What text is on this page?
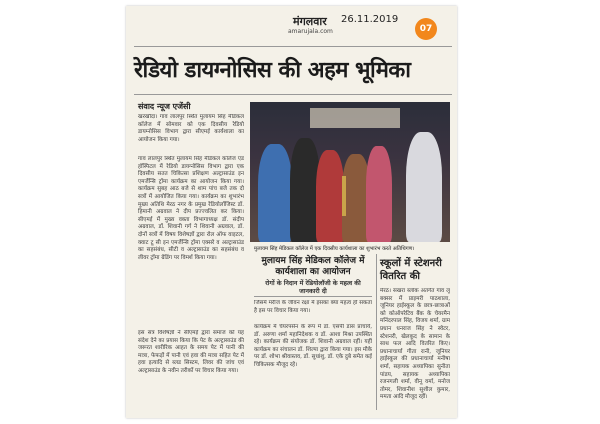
मंगलवार 26.11.2019
amarujala.com	07
रेडियो डायग्नोसिस की अहम भूमिका
संवाद न्यूज एजेंसी
खरखौदा। गांव लालपुर स्थित मुलायम सिंह मेडिकल कॉलेज में सोमवार को एक दिवसीय रेडियो डायग्नोसिस विभाग द्वारा सीएमई कार्यशाला का आयोजन किया गया।
गांव लालपुर स्थित मुलायम सिंह मेडिकल कॉलेज एंड हॉस्पिटल में रेडियो डायग्नोसिस विभाग द्वारा एक दिवसीय सतत चिकित्सा प्रशिक्षण अल्ट्रासाउंड इन एमर्जेन्सि ट्रॉमा कार्यक्रम का आयोजन किया गया। कार्यक्रम सुबह आठ बजे से शाम पांच बजे तक दो सत्रों में आयोजित किया गया। कार्यक्रम का शुभारंभ मुख्य अतिथि मेरठ नगर के प्रमुख रेडियोलॉजिस्ट डॉ. हिमानी अग्रवाल ने दीप प्रज्ज्वलित कर किया। सीएमई में मुख्य वक्ता विभागाध्यक्ष डॉ. संदीप अग्रवाल, डॉ. शिवानी गर्ग ने शिवानी अग्रवाल, डॉ. दोनों सत्रों में विषय विशेषज्ञों द्वारा रोल ऑफ वाइटल, क्वाट टू सी इन एमर्जेन्सि ट्रॉमा एक्सरे व अल्ट्रासाउंड का सहसंबंध, सीटी व अल्ट्रासाउंड का सहसंबंध व लीवर ट्रॉमा ग्रेडिंग पर विमर्श किया गया।
इस सत्र विशेषज्ञों ने सीएमई द्वारा समाज को यह संदेश देने का प्रयास किया कि पेट के अल्ट्रासाउंड की जरूरत शारीरिक आहत के समय पेट में पानी की मात्रा, फेफड़ों में पानी एवं हवा की मात्रा सहित पेट में हवा इत्यादि से ब्लड सिस्टम, लिवर की जांच एवं अल्ट्रासाउंड के नवीन तरीकों पर विचार किया गया।
मुलायम सिंह मेडिकल कॉलेज में एक दिवसीय कार्यशाला का शुभारंभ करते अतिथिगण।
मुलायम सिंह मेडिकल कॉलेज में कार्यशाला का आयोजन
रोगों के निदान में रेडियोलॉजी के महत्व की जानकारी दी
जिसमें मरीज के जीवन रक्षा में इसका क्या महत्व हो सकता है इस पर विचार किया गया।
कार्यक्रम में चेयरपर्सन के रूप में डॉ. एसपी डास प्राचार्य, डॉ. अरुणा शर्मा महानिदेशक व डॉ. आशा मिश्रा उपस्थित रहे। कार्यक्रम की संयोजक डॉ. शिवानी अग्रवाल रहीं। यहीं कार्यक्रम का संचालन डॉ. शिल्पा द्वारा किया गया। इस मौके पर डॉ. शोभा श्रीवास्तव, डॉ. सुधांशु, डॉ. एके दुबे समेत कई चिकित्सक मौजूद रहे।
स्कूलों में स्टेशनरी वितरित की
मेरठ। सखरा ब्लॉक अंतर्गत गांव लू बक्सर में प्राइमरी पाठशाला, जूनियर हाईस्कूल के छात्र-छात्राओं को कोऑपरेटिव बैंक के चेयरमैन मनिंदरपाल सिंह, विजय शर्मा, ग्राम प्रधान धनराज सिंह ने स्वेटर, स्टेशनरी, खेलकूद के सामान के साथ फल आदि वितरित किए। प्रधानाचार्या गीता रानी, जूनियर हाईस्कूल की प्रधानाचार्या मनीषा शर्मा, सहायक अध्यापिका सुनीता पांडय, सहायक अध्यापिका रजनगली शर्मा, वीनू वर्मा, मनोज तोमर, शिवानीश सुशील कुमार, ममता आदि मौजूद रहीं।
